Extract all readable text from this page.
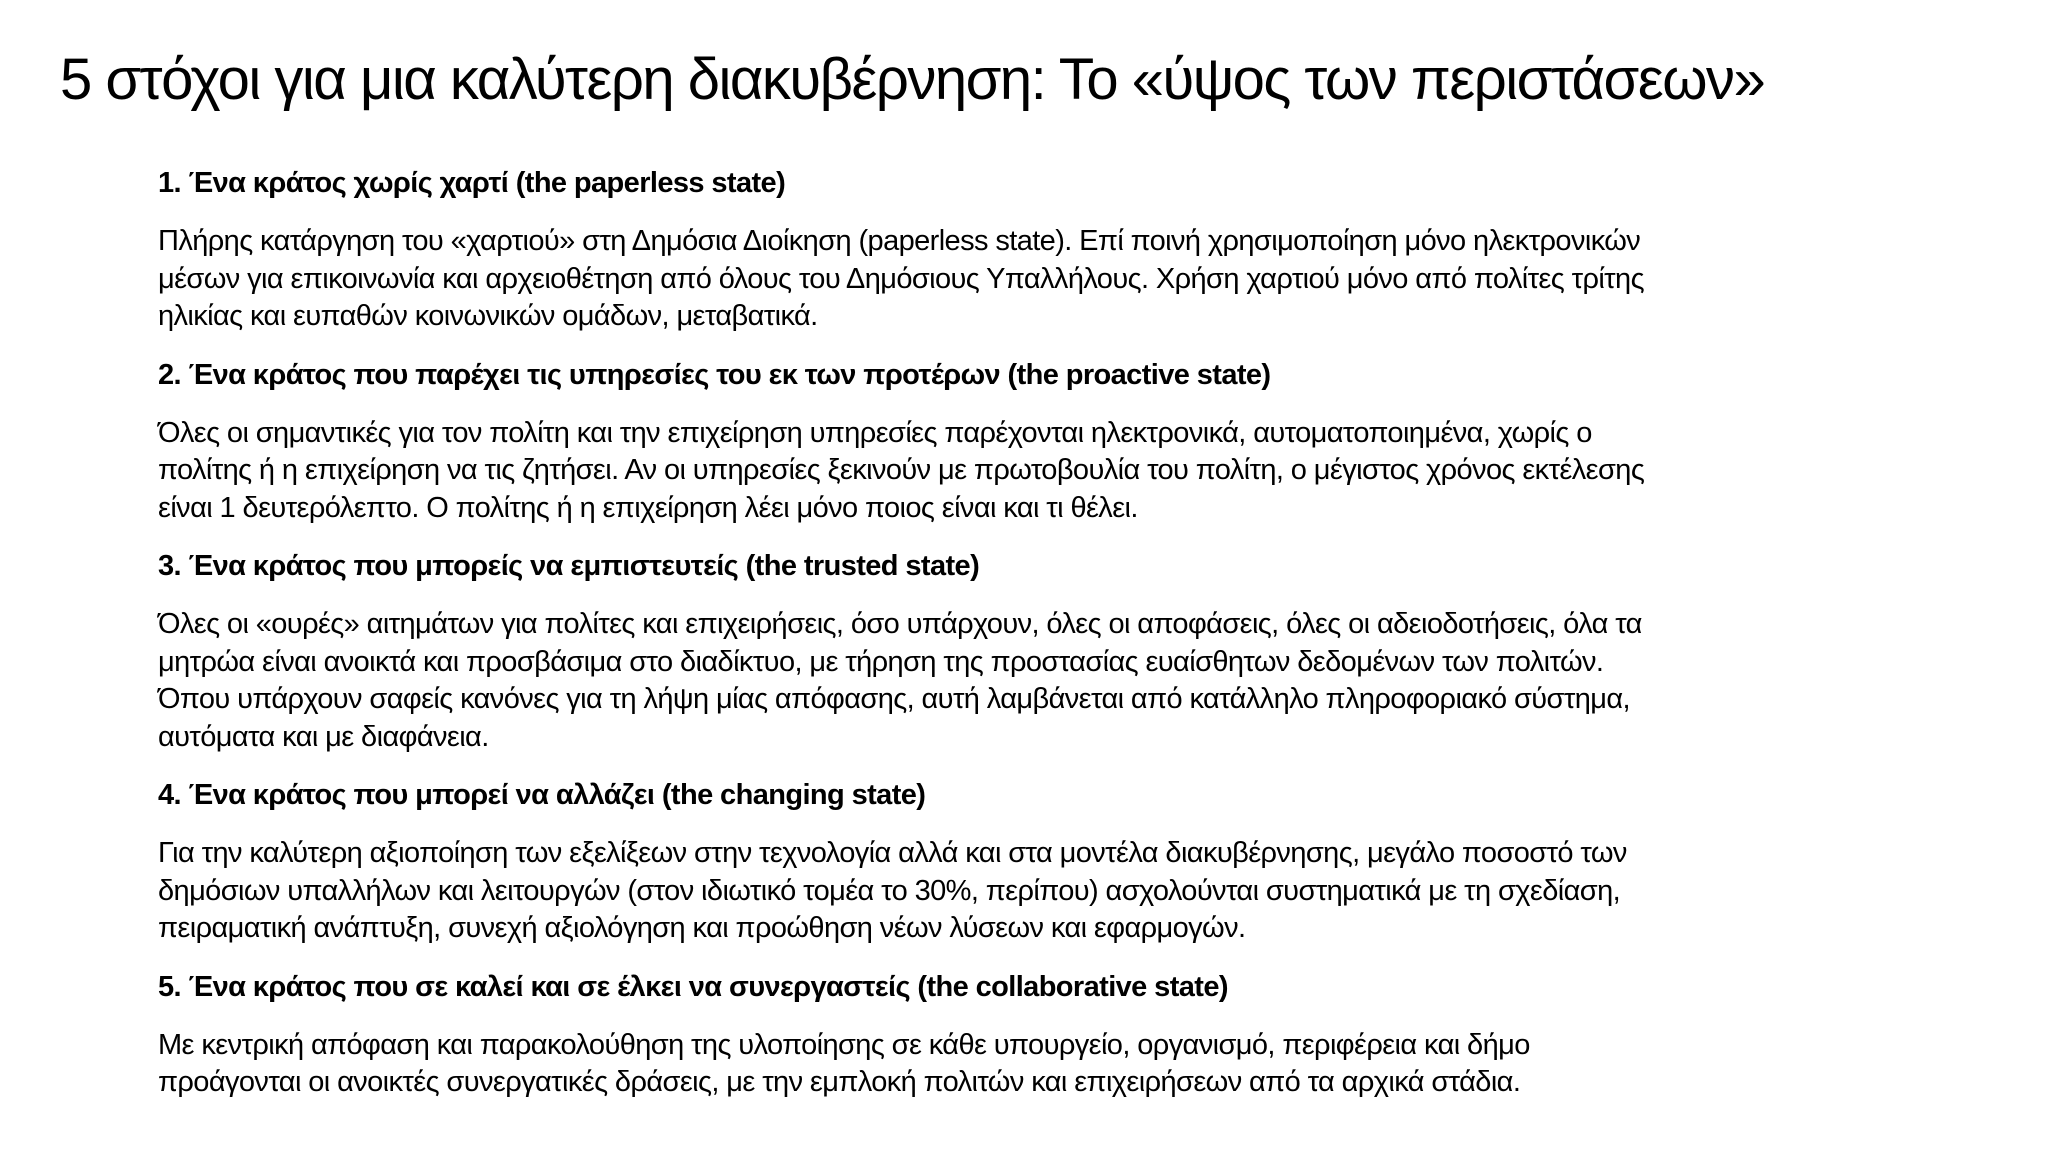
5 στόχοι για μια καλύτερη διακυβέρνηση: Το «ύψος των περιστάσεων»
1. Ένα κράτος χωρίς χαρτί (the paperless state)
Πλήρης κατάργηση του «χαρτιού» στη Δημόσια Διοίκηση (paperless state). Επί ποινή χρησιμοποίηση μόνο ηλεκτρονικών
μέσων για επικοινωνία και αρχειοθέτηση από όλους του Δημόσιους Υπαλλήλους. Χρήση χαρτιού μόνο από πολίτες τρίτης
ηλικίας και ευπαθών κοινωνικών ομάδων, μεταβατικά.
2. Ένα κράτος που παρέχει τις υπηρεσίες του εκ των προτέρων (the proactive state)
Όλες οι σημαντικές για τον πολίτη και την επιχείρηση υπηρεσίες παρέχονται ηλεκτρονικά, αυτοματοποιημένα, χωρίς ο
πολίτης ή η επιχείρηση να τις ζητήσει. Αν οι υπηρεσίες ξεκινούν με πρωτοβουλία του πολίτη, ο μέγιστος χρόνος εκτέλεσης
είναι 1 δευτερόλεπτο. Ο πολίτης ή η επιχείρηση λέει μόνο ποιος είναι και τι θέλει.
3. Ένα κράτος που μπορείς να εμπιστευτείς (the trusted state)
Όλες οι «ουρές» αιτημάτων για πολίτες και επιχειρήσεις, όσο υπάρχουν, όλες οι αποφάσεις, όλες οι αδειοδοτήσεις, όλα τα
μητρώα είναι ανοικτά και προσβάσιμα στο διαδίκτυο, με τήρηση της προστασίας ευαίσθητων δεδομένων των πολιτών.
Όπου υπάρχουν σαφείς κανόνες για τη λήψη μίας απόφασης, αυτή λαμβάνεται από κατάλληλο πληροφοριακό σύστημα,
αυτόματα και με διαφάνεια.
4. Ένα κράτος που μπορεί να αλλάζει (the changing state)
Για την καλύτερη αξιοποίηση των εξελίξεων στην τεχνολογία αλλά και στα μοντέλα διακυβέρνησης, μεγάλο ποσοστό των
δημόσιων υπαλλήλων και λειτουργών (στον ιδιωτικό τομέα το 30%, περίπου) ασχολούνται συστηματικά με τη σχεδίαση,
πειραματική ανάπτυξη, συνεχή αξιολόγηση και προώθηση νέων λύσεων και εφαρμογών.
5. Ένα κράτος που σε καλεί και σε έλκει να συνεργαστείς (the collaborative state)
Με κεντρική απόφαση και παρακολούθηση της υλοποίησης σε κάθε υπουργείο, οργανισμό, περιφέρεια και δήμο
προάγονται οι ανοικτές συνεργατικές δράσεις, με την εμπλοκή πολιτών και επιχειρήσεων από τα αρχικά στάδια.
